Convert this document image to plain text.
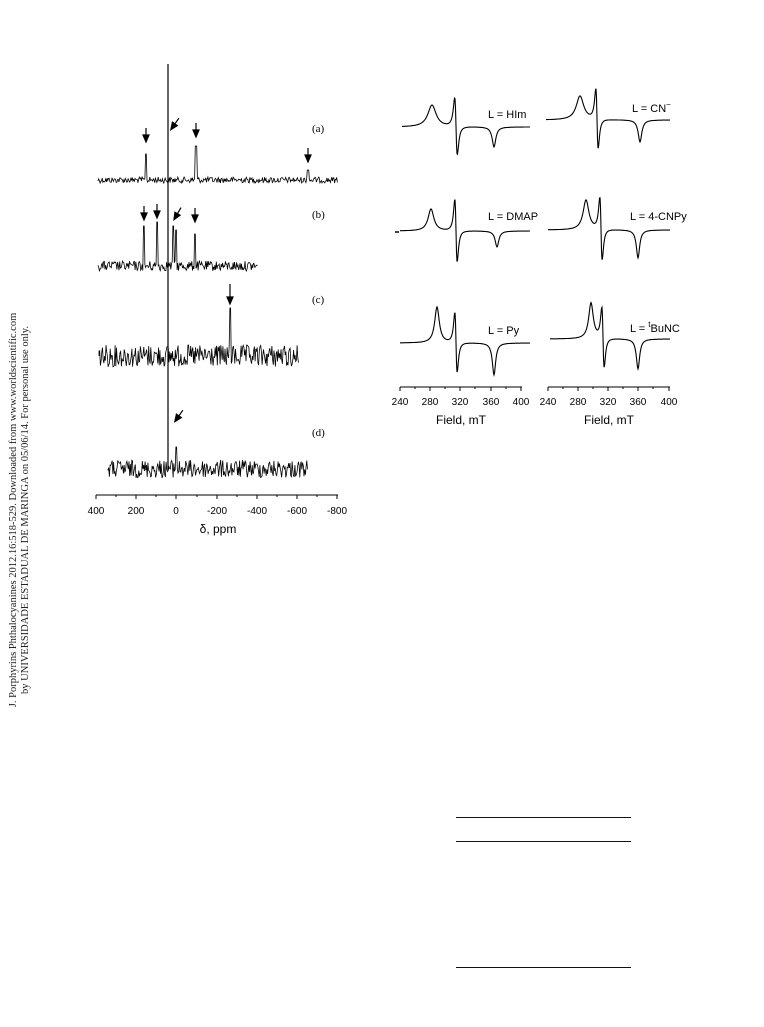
J. Porphyrins Phthalocyanines 2012.16:518-529. Downloaded from www.worldscientific.com by UNIVERSIDADE ESTADUAL DE MARINGA on 05/06/14. For personal use only.
(a)
(b)
(c)
(d)
400 200	0	-200 -400 -600 -800
δ, ppm
L = HIm	L = CN−
L = DMAP	L = 4-CNPy
L = Py	L = $^t$BuNC
240 280 320 360 400
Field, mT
240 280 320 360 400
Field, mT
